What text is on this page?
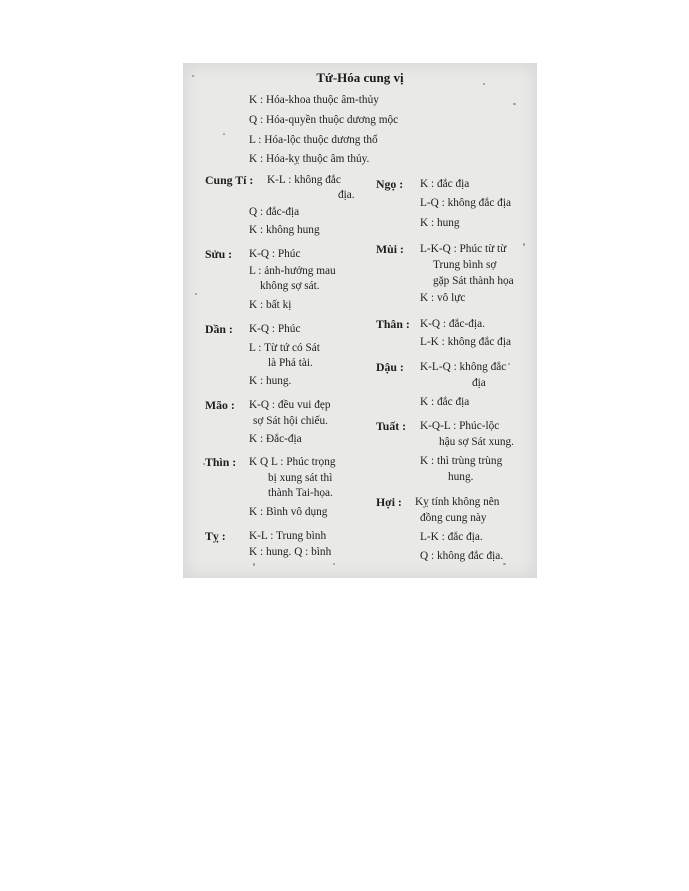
Tứ-Hóa cung vị
K : Hóa-khoa thuộc âm-thủy
Q : Hóa-quyền thuộc dương mộc
L : Hóa-lộc thuộc dương thổ
K : Hóa-kỵ thuộc âm thủy.
Cung Tí : K-L : không đắc
địa.
Q : đắc-địa
K : không hung
Sửu : K-Q : Phúc
L : ảnh-hưởng mau
không sợ sát.
K : bất kị
Dần : K-Q : Phúc
L : Từ tứ có Sát
là Phá tài.
K : hung.
Mão : K-Q : đều vui đẹp
sợ Sát hội chiếu.
K : Đắc-địa
Thìn : K Q L : Phúc trọng
bị xung sát thì
thành Tai-họa.
K : Bình vô dụng
Tỵ : K-L : Trung bình
K : hung. Q : bình
Ngọ : K : đắc địa
L-Q : không đắc địa
K : hung
Mùi : L-K-Q : Phúc từ từ
Trung bình sợ
gặp Sát thành họa
K : vô lực
Thân : K-Q : đắc-địa.
L-K : không đắc địa
Dậu : K-L-Q : không đắc
địa
K : đắc địa
Tuất : K-Q-L : Phúc-lộc
hậu sợ Sát xung.
K : thì trùng trùng
hung.
Hợi : Kỵ tính không nên
đồng cung này
L-K : đắc địa.
Q : không đắc địa.
